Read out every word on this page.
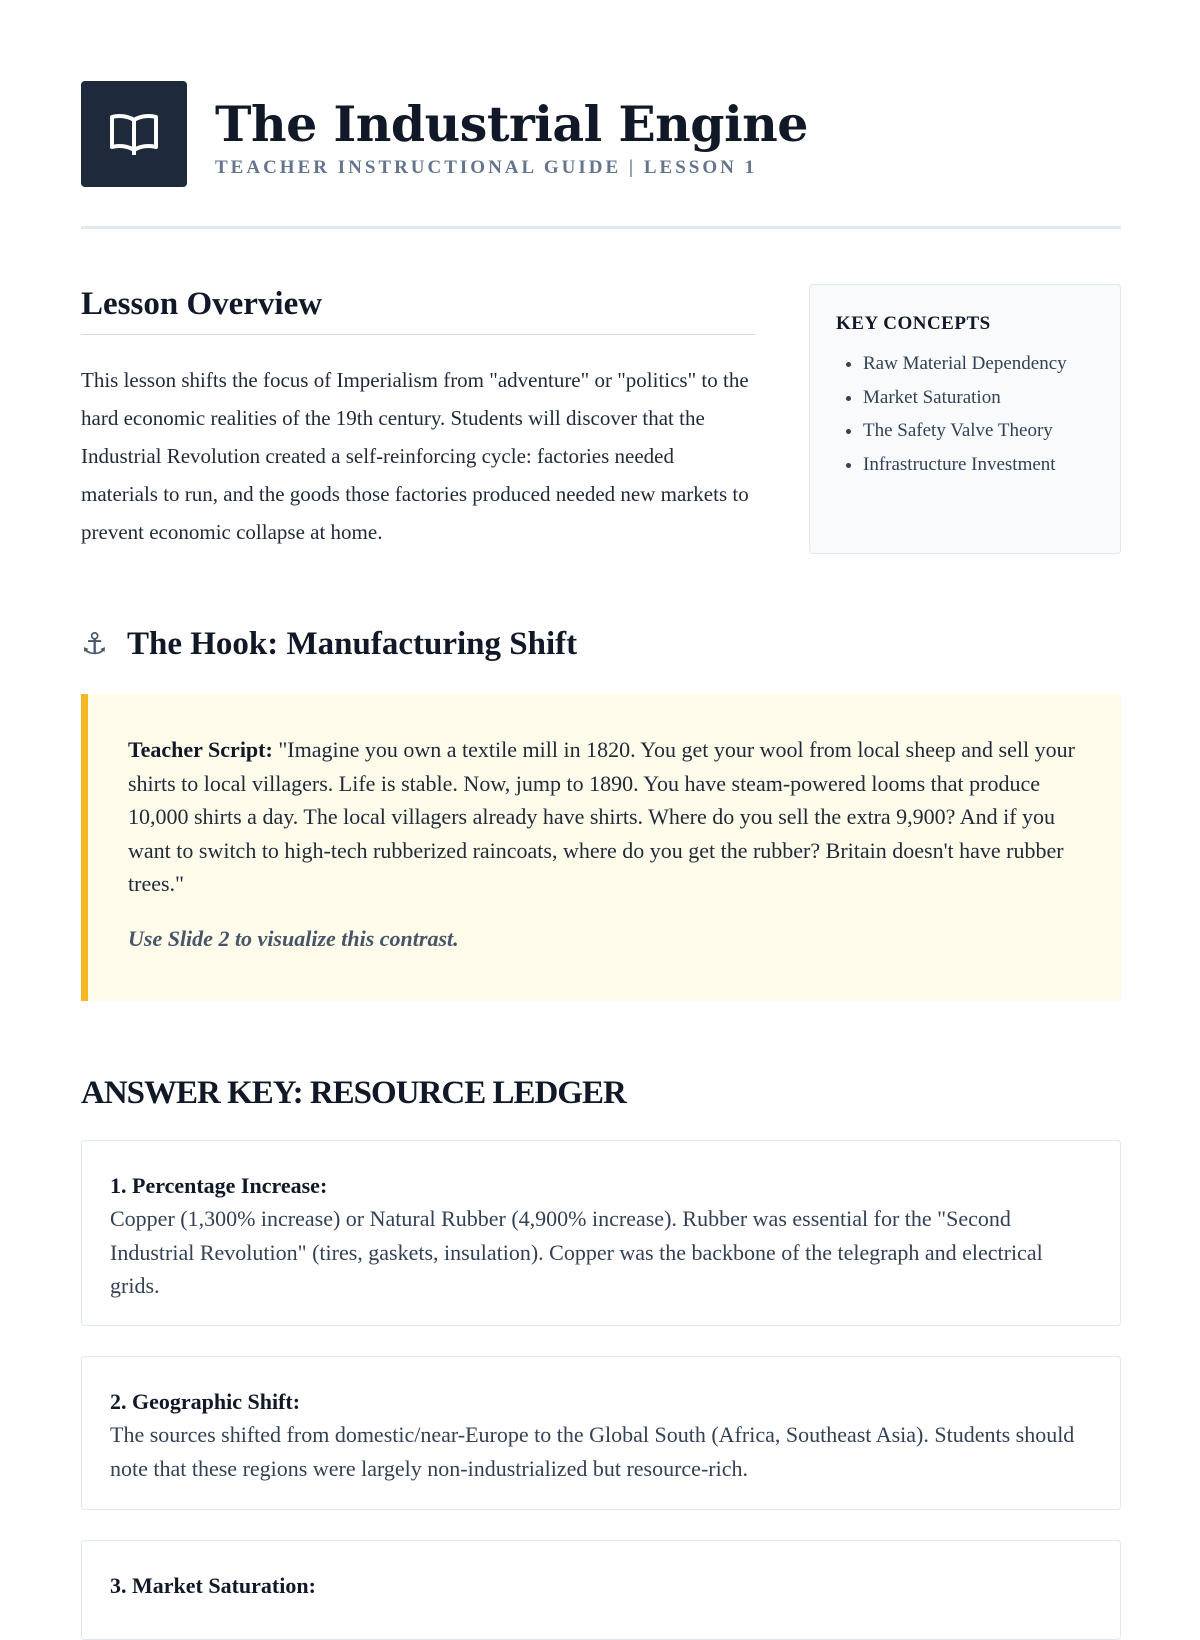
The Industrial Engine
TEACHER INSTRUCTIONAL GUIDE | LESSON 1
Lesson Overview
This lesson shifts the focus of Imperialism from "adventure" or "politics" to the hard economic realities of the 19th century. Students will discover that the Industrial Revolution created a self-reinforcing cycle: factories needed materials to run, and the goods those factories produced needed new markets to prevent economic collapse at home.
KEY CONCEPTS
• Raw Material Dependency
• Market Saturation
• The Safety Valve Theory
• Infrastructure Investment
⚓ The Hook: Manufacturing Shift

Teacher Script: "Imagine you own a textile mill in 1820. You get your wool from local sheep and sell your shirts to local villagers. Life is stable. Now, jump to 1890. You have steam-powered looms that produce 10,000 shirts a day. The local villagers already have shirts. Where do you sell the extra 9,900? And if you want to switch to high-tech rubberized raincoats, where do you get the rubber? Britain doesn't have rubber trees."

Use Slide 2 to visualize this contrast.
ANSWER KEY: RESOURCE LEDGER
1. Percentage Increase:
Copper (1,300% increase) or Natural Rubber (4,900% increase). Rubber was essential for the "Second Industrial Revolution" (tires, gaskets, insulation). Copper was the backbone of the telegraph and electrical grids.
2. Geographic Shift:
The sources shifted from domestic/near-Europe to the Global South (Africa, Southeast Asia). Students should note that these regions were largely non-industrialized but resource-rich.
3. Market Saturation:
